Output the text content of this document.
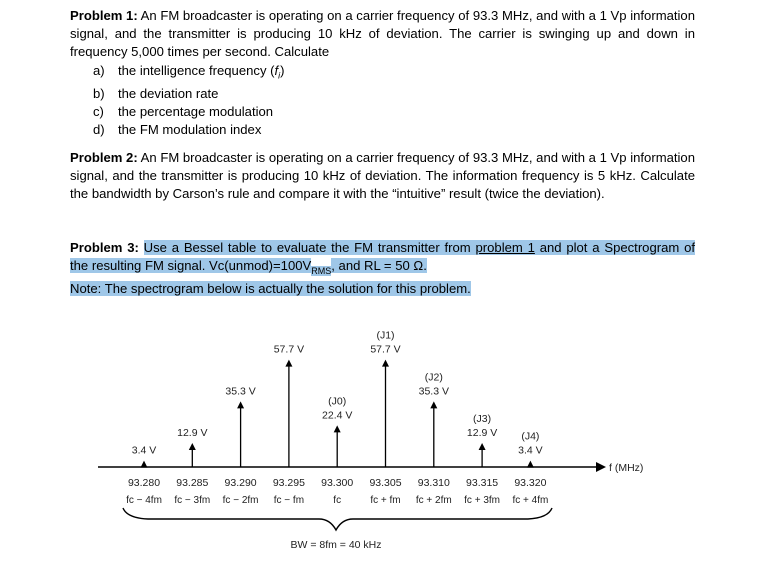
Problem 1: An FM broadcaster is operating on a carrier frequency of 93.3 MHz, and with a 1 Vp information signal, and the transmitter is producing 10 kHz of deviation. The carrier is swinging up and down in frequency 5,000 times per second. Calculate

a) the intelligence frequency $(f_i)$
b) the deviation rate
c) the percentage modulation
d) the FM modulation index

Problem 2: An FM broadcaster is operating on a carrier frequency of 93.3 MHz, and with a 1 Vp information signal, and the transmitter is producing 10 kHz of deviation. The information frequency is 5 kHz. Calculate the bandwidth by Carson’s rule and compare it with the “intuitive” result (twice the deviation).

Problem 3: Use a Bessel table to evaluate the FM transmitter from problem 1 and plot a Spectrogram of the resulting FM signal. $Vc(unmod)=100V_{RMS}$, and RL = 50 Ω.
Note: The spectrogram below is actually the solution for this problem.

f (MHz)
3.4 V
93.280
fc − 4fm
12.9 V
93.285
fc − 3fm
35.3 V
93.290
fc − 2fm
57.7 V
93.295
fc − fm
22.4 V
(J0)
93.300
fc
57.7 V
(J1)
93.305
fc + fm
35.3 V
(J2)
93.310
fc + 2fm
12.9 V
(J3)
93.315
fc + 3fm
3.4 V
(J4)
93.320
fc + 4fm
BW = 8fm = 40 kHz
